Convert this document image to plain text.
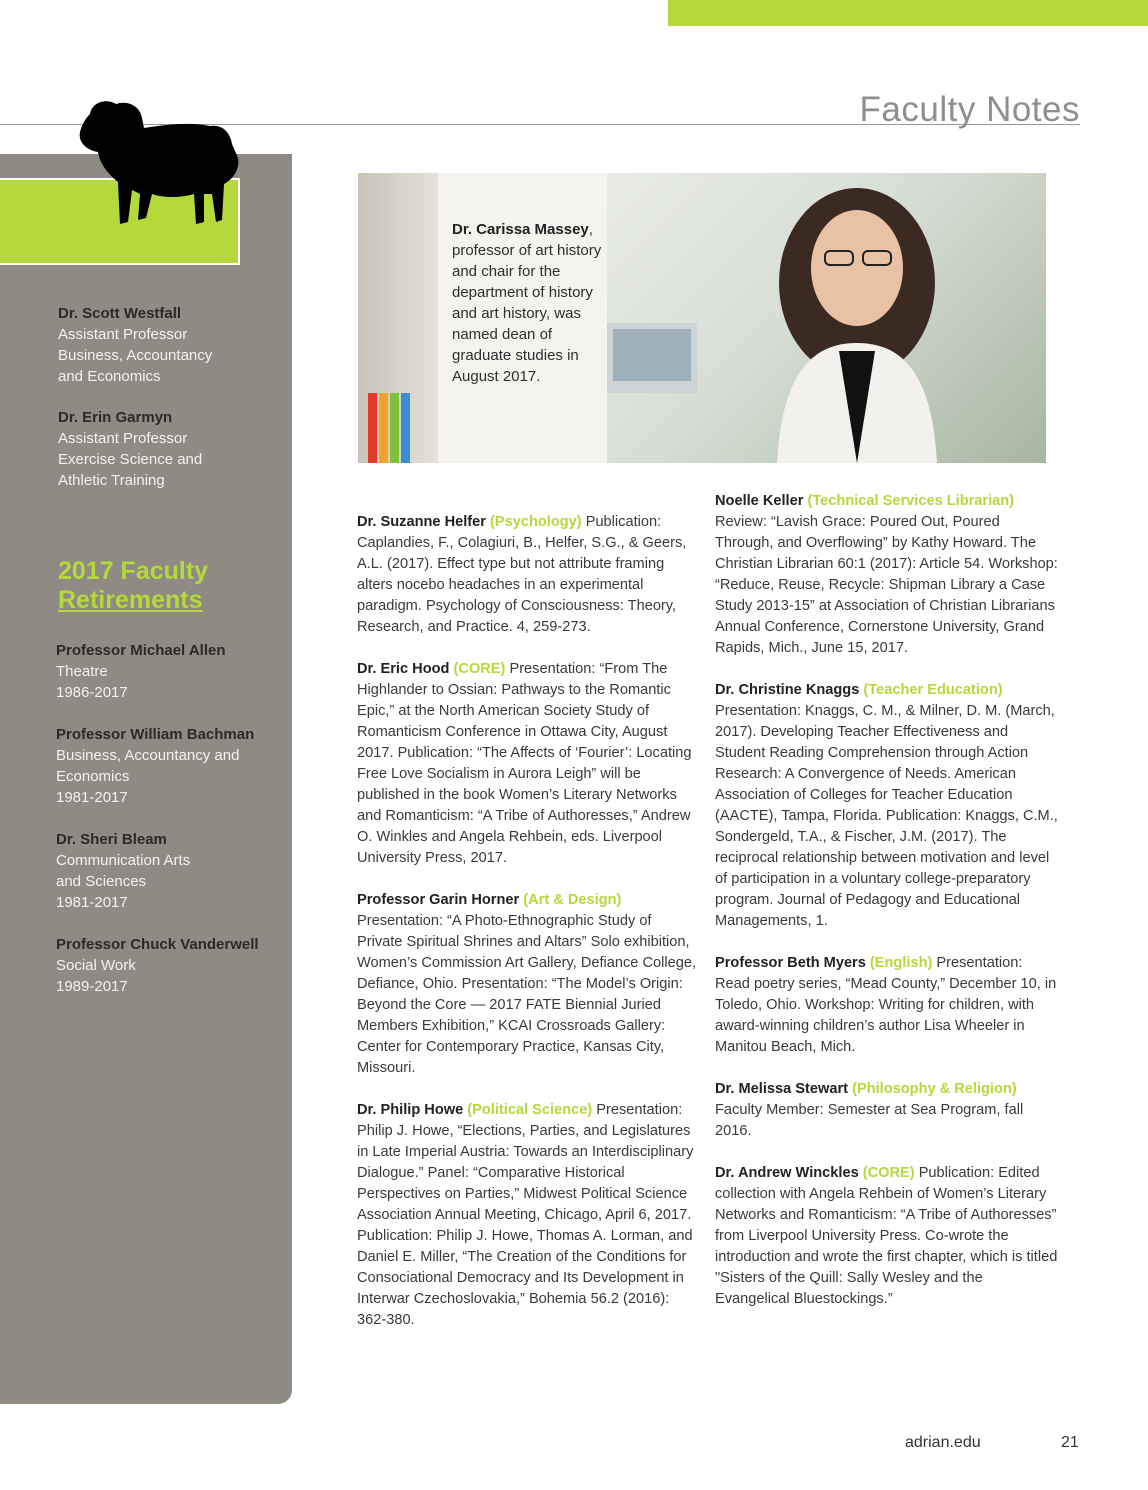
Faculty Notes
Dr. Scott Westfall
Assistant Professor
Business, Accountancy
and Economics
Dr. Erin Garmyn
Assistant Professor
Exercise Science and
Athletic Training
2017 Faculty
Retirements
Professor Michael Allen
Theatre
1986-2017
Professor William Bachman
Business, Accountancy and
Economics
1981-2017
Dr. Sheri Bleam
Communication Arts
and Sciences
1981-2017
Professor Chuck Vanderwell
Social Work
1989-2017
Dr. Carissa Massey, professor of art history and chair for the department of history and art history, was named dean of graduate studies in August 2017.

Dr. Suzanne Helfer (Psychology) Publication: Caplandies, F., Colagiuri, B., Helfer, S.G., & Geers, A.L. (2017). Effect type but not attribute framing alters nocebo headaches in an experimental paradigm. Psychology of Consciousness: Theory, Research, and Practice. 4, 259-273.

Dr. Eric Hood (CORE) Presentation: “From The Highlander to Ossian: Pathways to the Romantic Epic,” at the North American Society Study of Romanticism Conference in Ottawa City, August 2017. Publication: “The Affects of ‘Fourier’: Locating Free Love Socialism in Aurora Leigh” will be published in the book Women’s Literary Networks and Romanticism: “A Tribe of Authoresses,” Andrew O. Winkles and Angela Rehbein, eds. Liverpool University Press, 2017.

Professor Garin Horner (Art & Design) Presentation: “A Photo-Ethnographic Study of Private Spiritual Shrines and Altars” Solo exhibition, Women’s Commission Art Gallery, Defiance College, Defiance, Ohio. Presentation: “The Model’s Origin: Beyond the Core — 2017 FATE Biennial Juried Members Exhibition,” KCAI Crossroads Gallery: Center for Contemporary Practice, Kansas City, Missouri.

Dr. Philip Howe (Political Science) Presentation: Philip J. Howe, “Elections, Parties, and Legislatures in Late Imperial Austria: Towards an Interdisciplinary Dialogue.” Panel: “Comparative Historical Perspectives on Parties,” Midwest Political Science Association Annual Meeting, Chicago, April 6, 2017. Publication: Philip J. Howe, Thomas A. Lorman, and Daniel E. Miller, “The Creation of the Conditions for Consociational Democracy and Its Development in Interwar Czechoslovakia,” Bohemia 56.2 (2016): 362-380.

Noelle Keller (Technical Services Librarian) Review: “Lavish Grace: Poured Out, Poured Through, and Overflowing” by Kathy Howard. The Christian Librarian 60:1 (2017): Article 54. Workshop: “Reduce, Reuse, Recycle: Shipman Library a Case Study 2013-15” at Association of Christian Librarians Annual Conference, Cornerstone University, Grand Rapids, Mich., June 15, 2017.

Dr. Christine Knaggs (Teacher Education) Presentation: Knaggs, C. M., & Milner, D. M. (March, 2017). Developing Teacher Effectiveness and Student Reading Comprehension through Action Research: A Convergence of Needs. American Association of Colleges for Teacher Education (AACTE), Tampa, Florida. Publication: Knaggs, C.M., Sondergeld, T.A., & Fischer, J.M. (2017). The reciprocal relationship between motivation and level of participation in a voluntary college-preparatory program. Journal of Pedagogy and Educational Managements, 1.

Professor Beth Myers (English) Presentation: Read poetry series, “Mead County,” December 10, in Toledo, Ohio. Workshop: Writing for children, with award-winning children’s author Lisa Wheeler in Manitou Beach, Mich.

Dr. Melissa Stewart (Philosophy & Religion) Faculty Member: Semester at Sea Program, fall 2016.

Dr. Andrew Winckles (CORE) Publication: Edited collection with Angela Rehbein of Women’s Literary Networks and Romanticism: “A Tribe of Authoresses” from Liverpool University Press. Co-wrote the introduction and wrote the first chapter, which is titled "Sisters of the Quill: Sally Wesley and the Evangelical Bluestockings.”

adrian.edu	21
